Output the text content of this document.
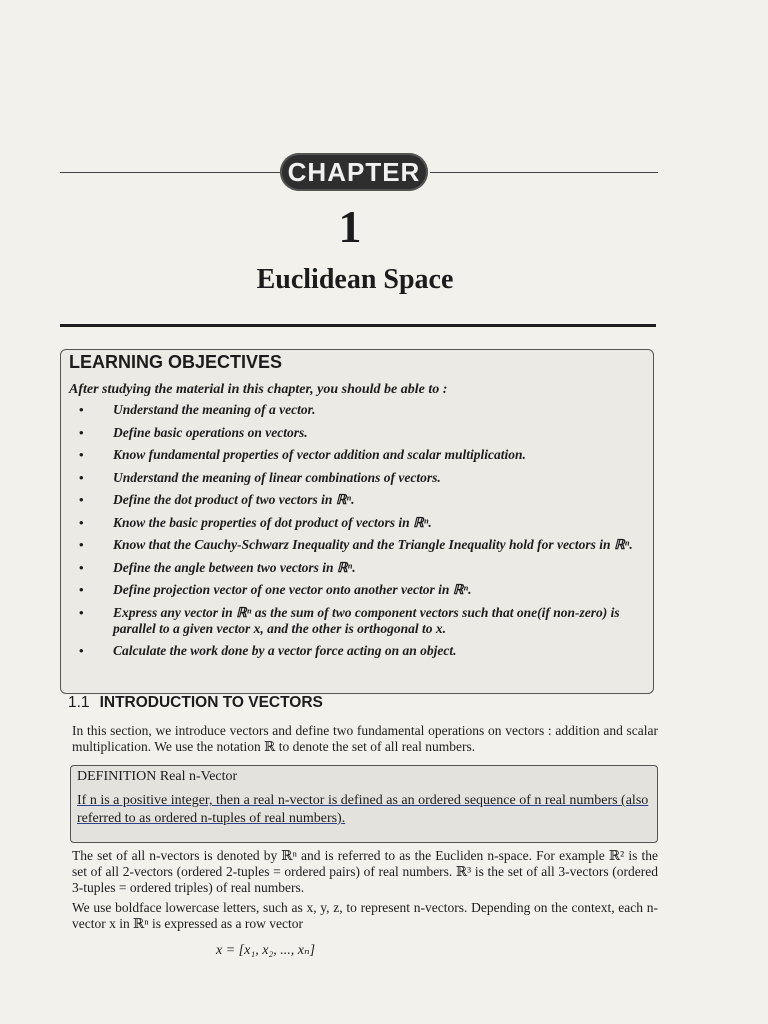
CHAPTER
1
Euclidean Space
LEARNING OBJECTIVES
After studying the material in this chapter, you should be able to :
• Understand the meaning of a vector.
• Define basic operations on vectors.
• Know fundamental properties of vector addition and scalar multiplication.
• Understand the meaning of linear combinations of vectors.
• Define the dot product of two vectors in ℝⁿ.
• Know the basic properties of dot product of vectors in ℝⁿ.
• Know that the Cauchy-Schwarz Inequality and the Triangle Inequality hold for vectors in ℝⁿ.
• Define the angle between two vectors in ℝⁿ.
• Define projection vector of one vector onto another vector in ℝⁿ.
• Express any vector in ℝⁿ as the sum of two component vectors such that one(if non-zero) is parallel to a given vector x, and the other is orthogonal to x.
• Calculate the work done by a vector force acting on an object.
1.1 INTRODUCTION TO VECTORS
In this section, we introduce vectors and define two fundamental operations on vectors : addition and scalar multiplication. We use the notation ℝ to denote the set of all real numbers.
DEFINITION Real n-Vector
If n is a positive integer, then a real n-vector is defined as an ordered sequence of n real numbers (also referred to as ordered n-tuples of real numbers).
The set of all n-vectors is denoted by ℝⁿ and is referred to as the Eucliden n-space. For example ℝ² is the set of all 2-vectors (ordered 2-tuples = ordered pairs) of real numbers. ℝ³ is the set of all 3-vectors (ordered 3-tuples = ordered triples) of real numbers.
We use boldface lowercase letters, such as x, y, z, to represent n-vectors. Depending on the context, each n-vector x in ℝⁿ is expressed as a row vector
x = [x₁, x₂, ..., xₙ]
